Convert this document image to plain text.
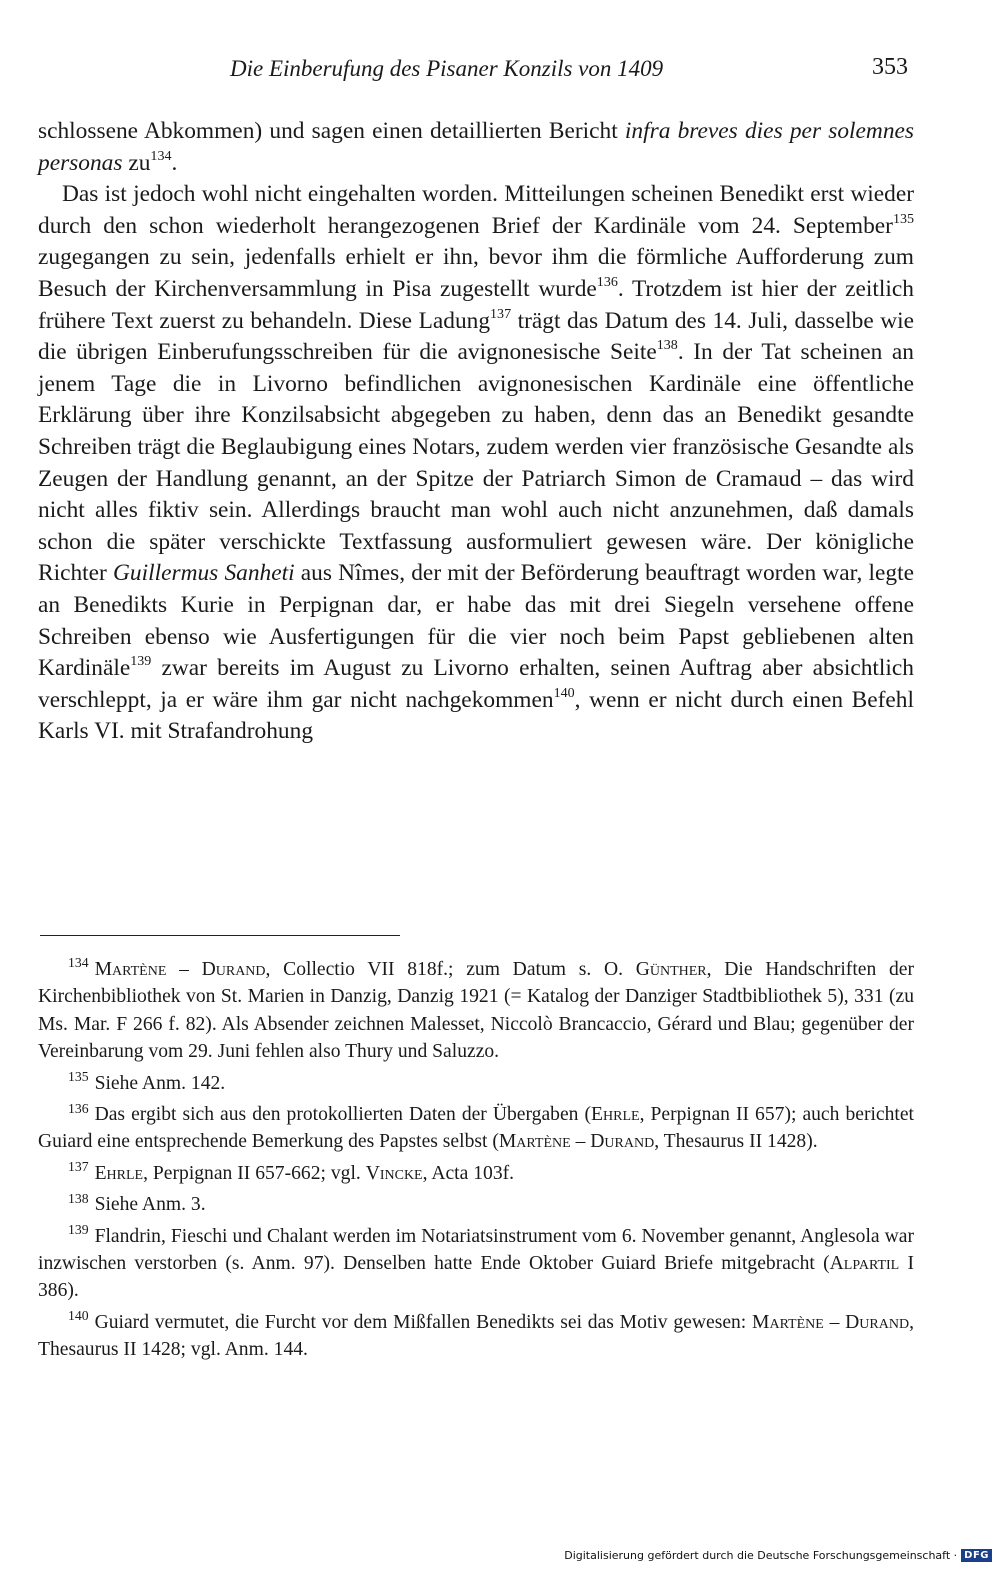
Die Einberufung des Pisaner Konzils von 1409	353

schlossene Abkommen) und sagen einen detaillierten Bericht infra breves dies per solemnes personas $zu^{134}$.

Das ist jedoch wohl nicht eingehalten worden. Mitteilungen scheinen Benedikt erst wieder durch den schon wiederholt herangezogenen Brief der Kardinäle vom 24. September$^{135}$ zugegangen zu sein, jedenfalls erhielt er ihn, bevor ihm die förmliche Aufforderung zum Besuch der Kirchenversammlung in Pisa zugestellt wurde$^{136}$. Trotzdem ist hier der zeitlich frühere Text zuerst zu behandeln. Diese Ladung$^{137}$ trägt das Datum des 14. Juli, dasselbe wie die übrigen Einberufungsschreiben für die avignonesische Seite$^{138}$. In der Tat scheinen an jenem Tage die in Livorno befindlichen avignonesischen Kardinäle eine öffentliche Erklärung über ihre Konzilsabsicht abgegeben zu haben, denn das an Benedikt gesandte Schreiben trägt die Beglaubigung eines Notars, zudem werden vier französische Gesandte als Zeugen der Handlung genannt, an der Spitze der Patriarch Simon de Cramaud – das wird nicht alles fiktiv sein. Allerdings braucht man wohl auch nicht anzunehmen, daß damals schon die später verschickte Textfassung ausformuliert gewesen wäre. Der königliche Richter Guillermus Sanheti aus Nîmes, der mit der Beförderung beauftragt worden war, legte an Benedikts Kurie in Perpignan dar, er habe das mit drei Siegeln versehene offene Schreiben ebenso wie Ausfertigungen für die vier noch beim Papst gebliebenen alten Kardinäle$^{139}$ zwar bereits im August zu Livorno erhalten, seinen Auftrag aber absichtlich verschleppt, ja er wäre ihm gar nicht nachgekommen$^{140}$, wenn er nicht durch einen Befehl Karls VI. mit Strafandrohung

$^{134}$ Martène – Durand, Collectio VII 818f.; zum Datum s. O. Günther, Die Handschriften der Kirchenbibliothek von St. Marien in Danzig, Danzig 1921 (= Katalog der Danziger Stadtbibliothek 5), 331 (zu Ms. Mar. F 266 f. 82). Als Absender zeichnen Malesset, Niccolò Brancaccio, Gérard und Blau; gegenüber der Vereinbarung vom 29. Juni fehlen also Thury und Saluzzo.

$^{135}$ Siehe Anm. 142.

$^{136}$ Das ergibt sich aus den protokollierten Daten der Übergaben (Ehrle, Perpignan II 657); auch berichtet Guiard eine entsprechende Bemerkung des Papstes selbst (Martène – Durand, Thesaurus II 1428).

$^{137}$ Ehrle, Perpignan II 657-662; vgl. Vincke, Acta 103f.

$^{138}$ Siehe Anm. 3.

$^{139}$ Flandrin, Fieschi und Chalant werden im Notariatsinstrument vom 6. November genannt, Anglesola war inzwischen verstorben (s. Anm. 97). Denselben hatte Ende Oktober Guiard Briefe mitgebracht (Alpartil I 386).

$^{140}$ Guiard vermutet, die Furcht vor dem Mißfallen Benedikts sei das Motiv gewesen: Martène – Durand, Thesaurus II 1428; vgl. Anm. 144.

Digitalisierung gefördert durch die Deutsche Forschungsgemeinschaft · DFG
